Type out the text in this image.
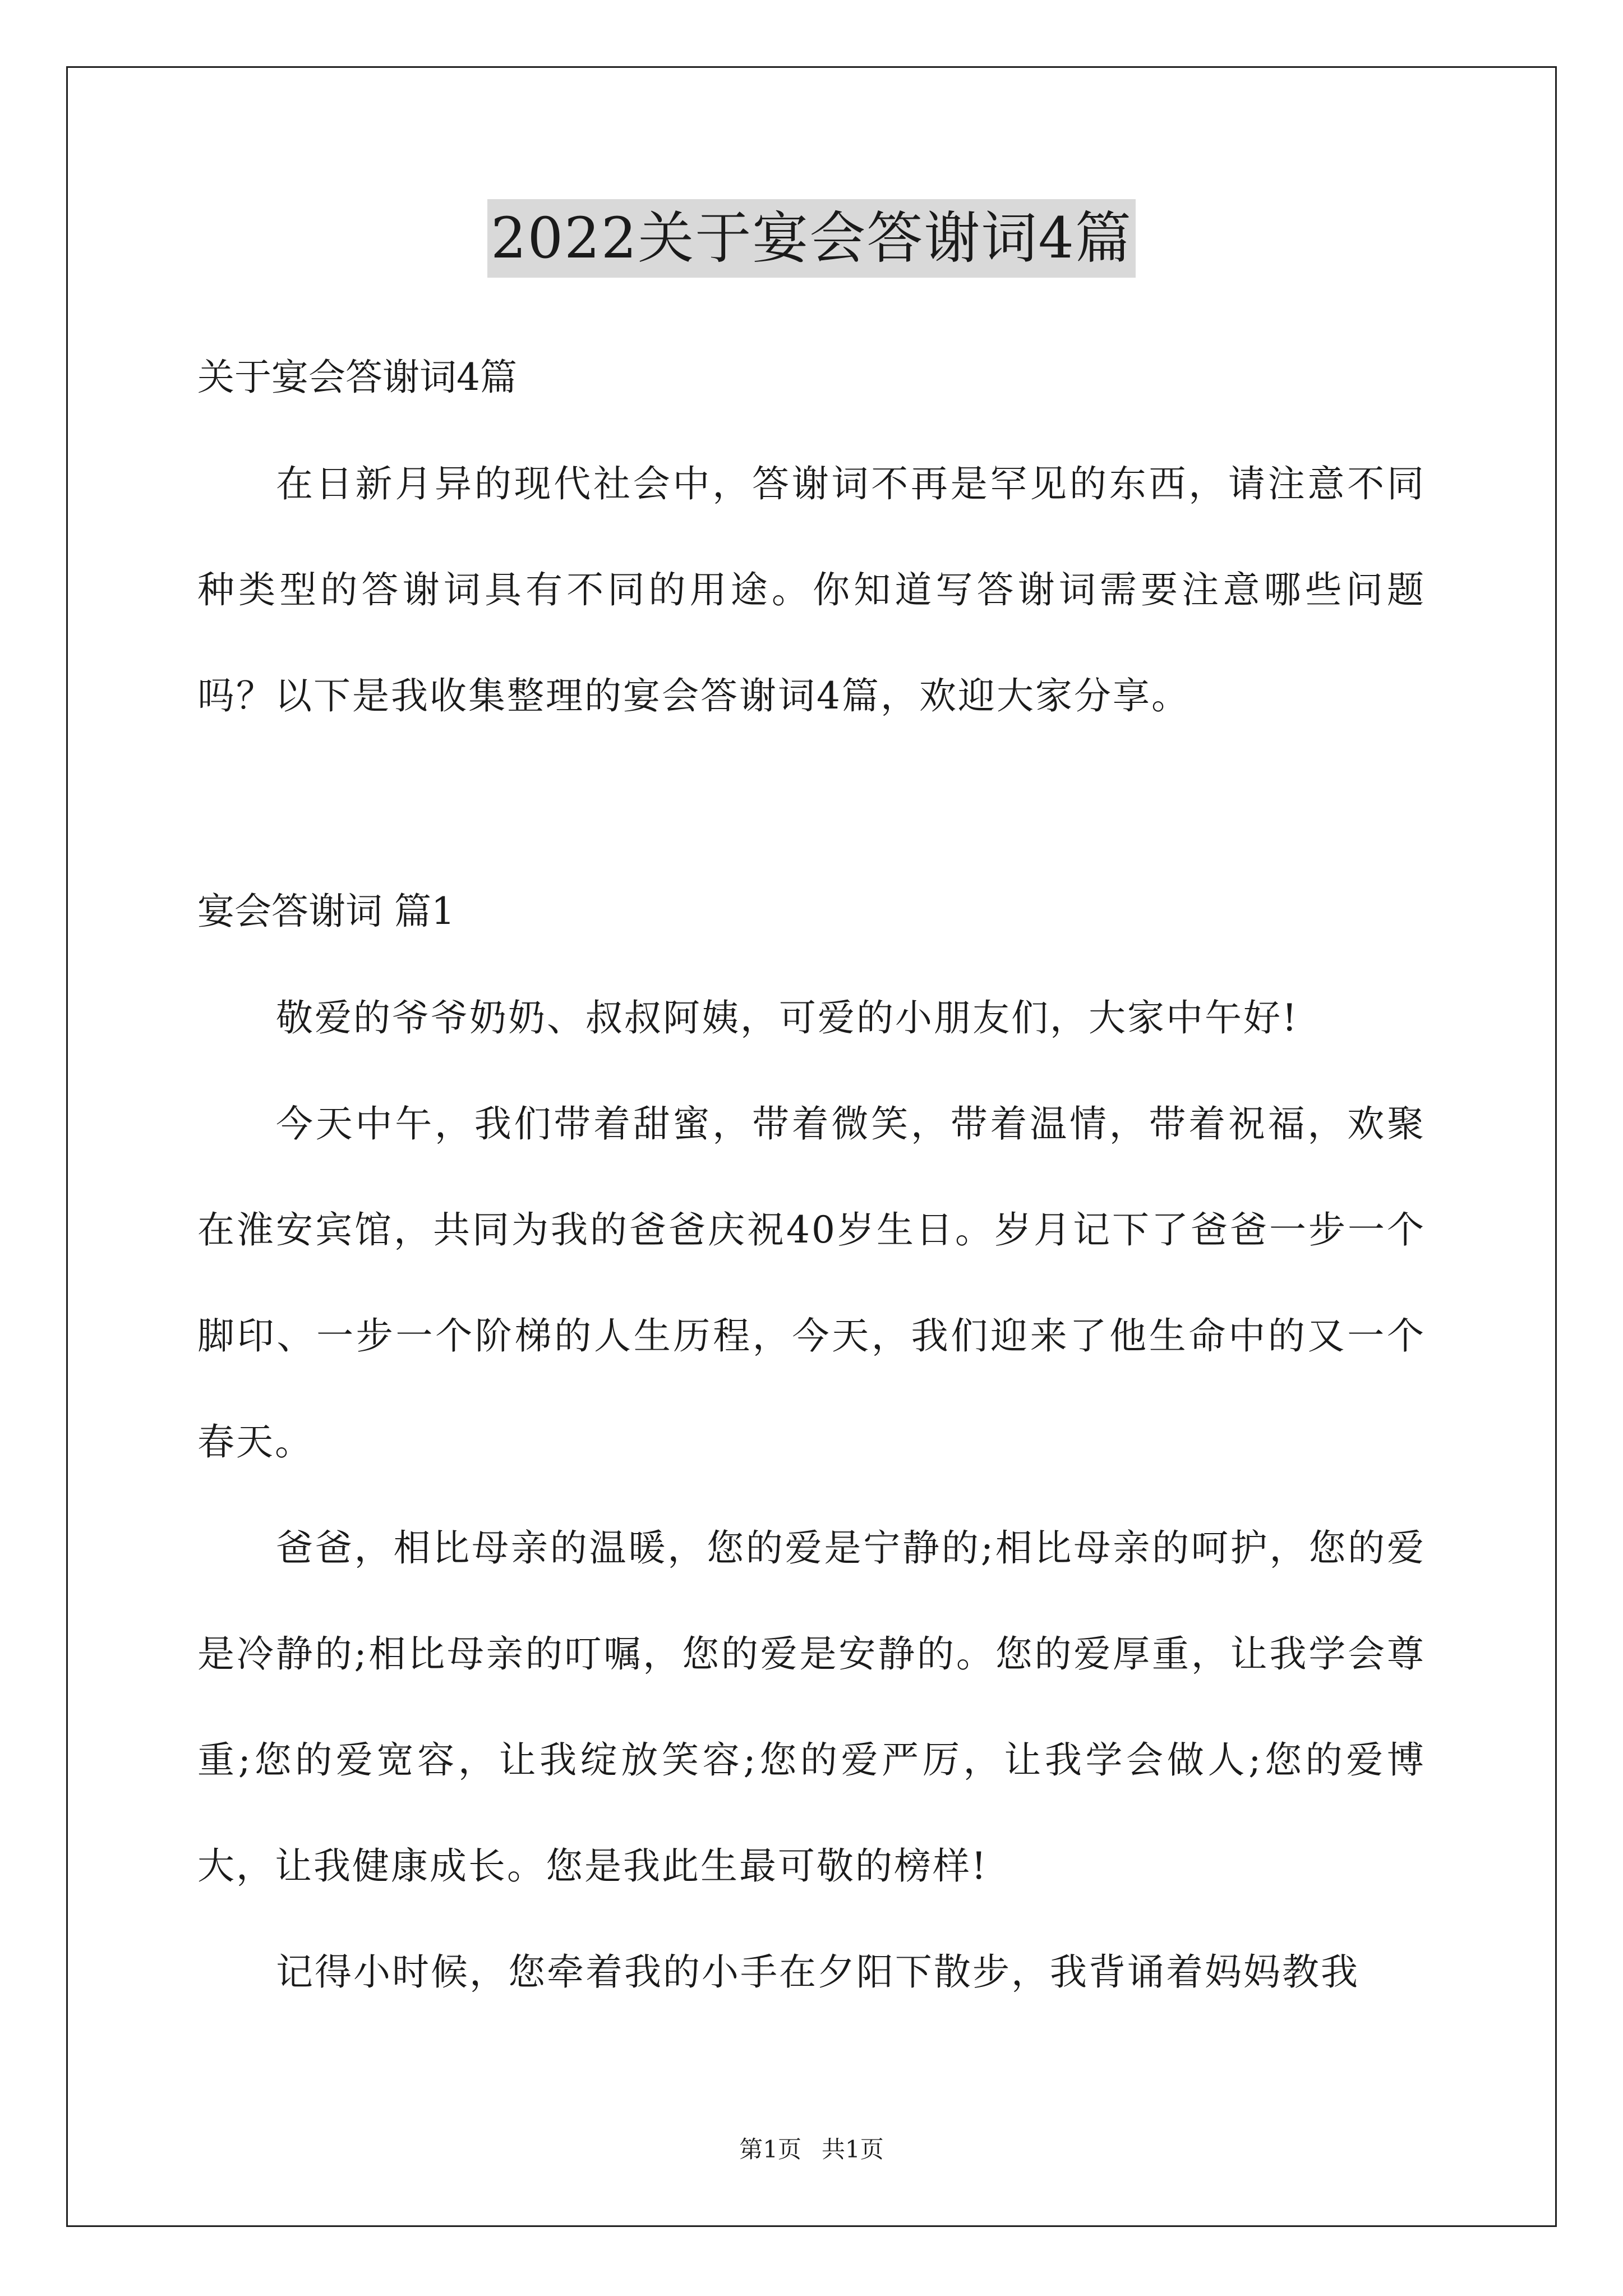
2022关于宴会答谢词4篇
关于宴会答谢词4篇
在日新月异的现代社会中，答谢词不再是罕见的东西，请注意不同种类型的答谢词具有不同的用途。你知道写答谢词需要注意哪些问题吗？以下是我收集整理的宴会答谢词4篇，欢迎大家分享。
宴会答谢词 篇1
敬爱的爷爷奶奶、叔叔阿姨，可爱的小朋友们，大家中午好!
今天中午，我们带着甜蜜，带着微笑，带着温情，带着祝福，欢聚在淮安宾馆，共同为我的爸爸庆祝40岁生日。岁月记下了爸爸一步一个脚印、一步一个阶梯的人生历程，今天，我们迎来了他生命中的又一个春天。
爸爸，相比母亲的温暖，您的爱是宁静的;相比母亲的呵护，您的爱是冷静的;相比母亲的叮嘱，您的爱是安静的。您的爱厚重，让我学会尊重;您的爱宽容，让我绽放笑容;您的爱严厉，让我学会做人;您的爱博大，让我健康成长。您是我此生最可敬的榜样!
记得小时候，您牵着我的小手在夕阳下散步，我背诵着妈妈教我
第1页 共1页
